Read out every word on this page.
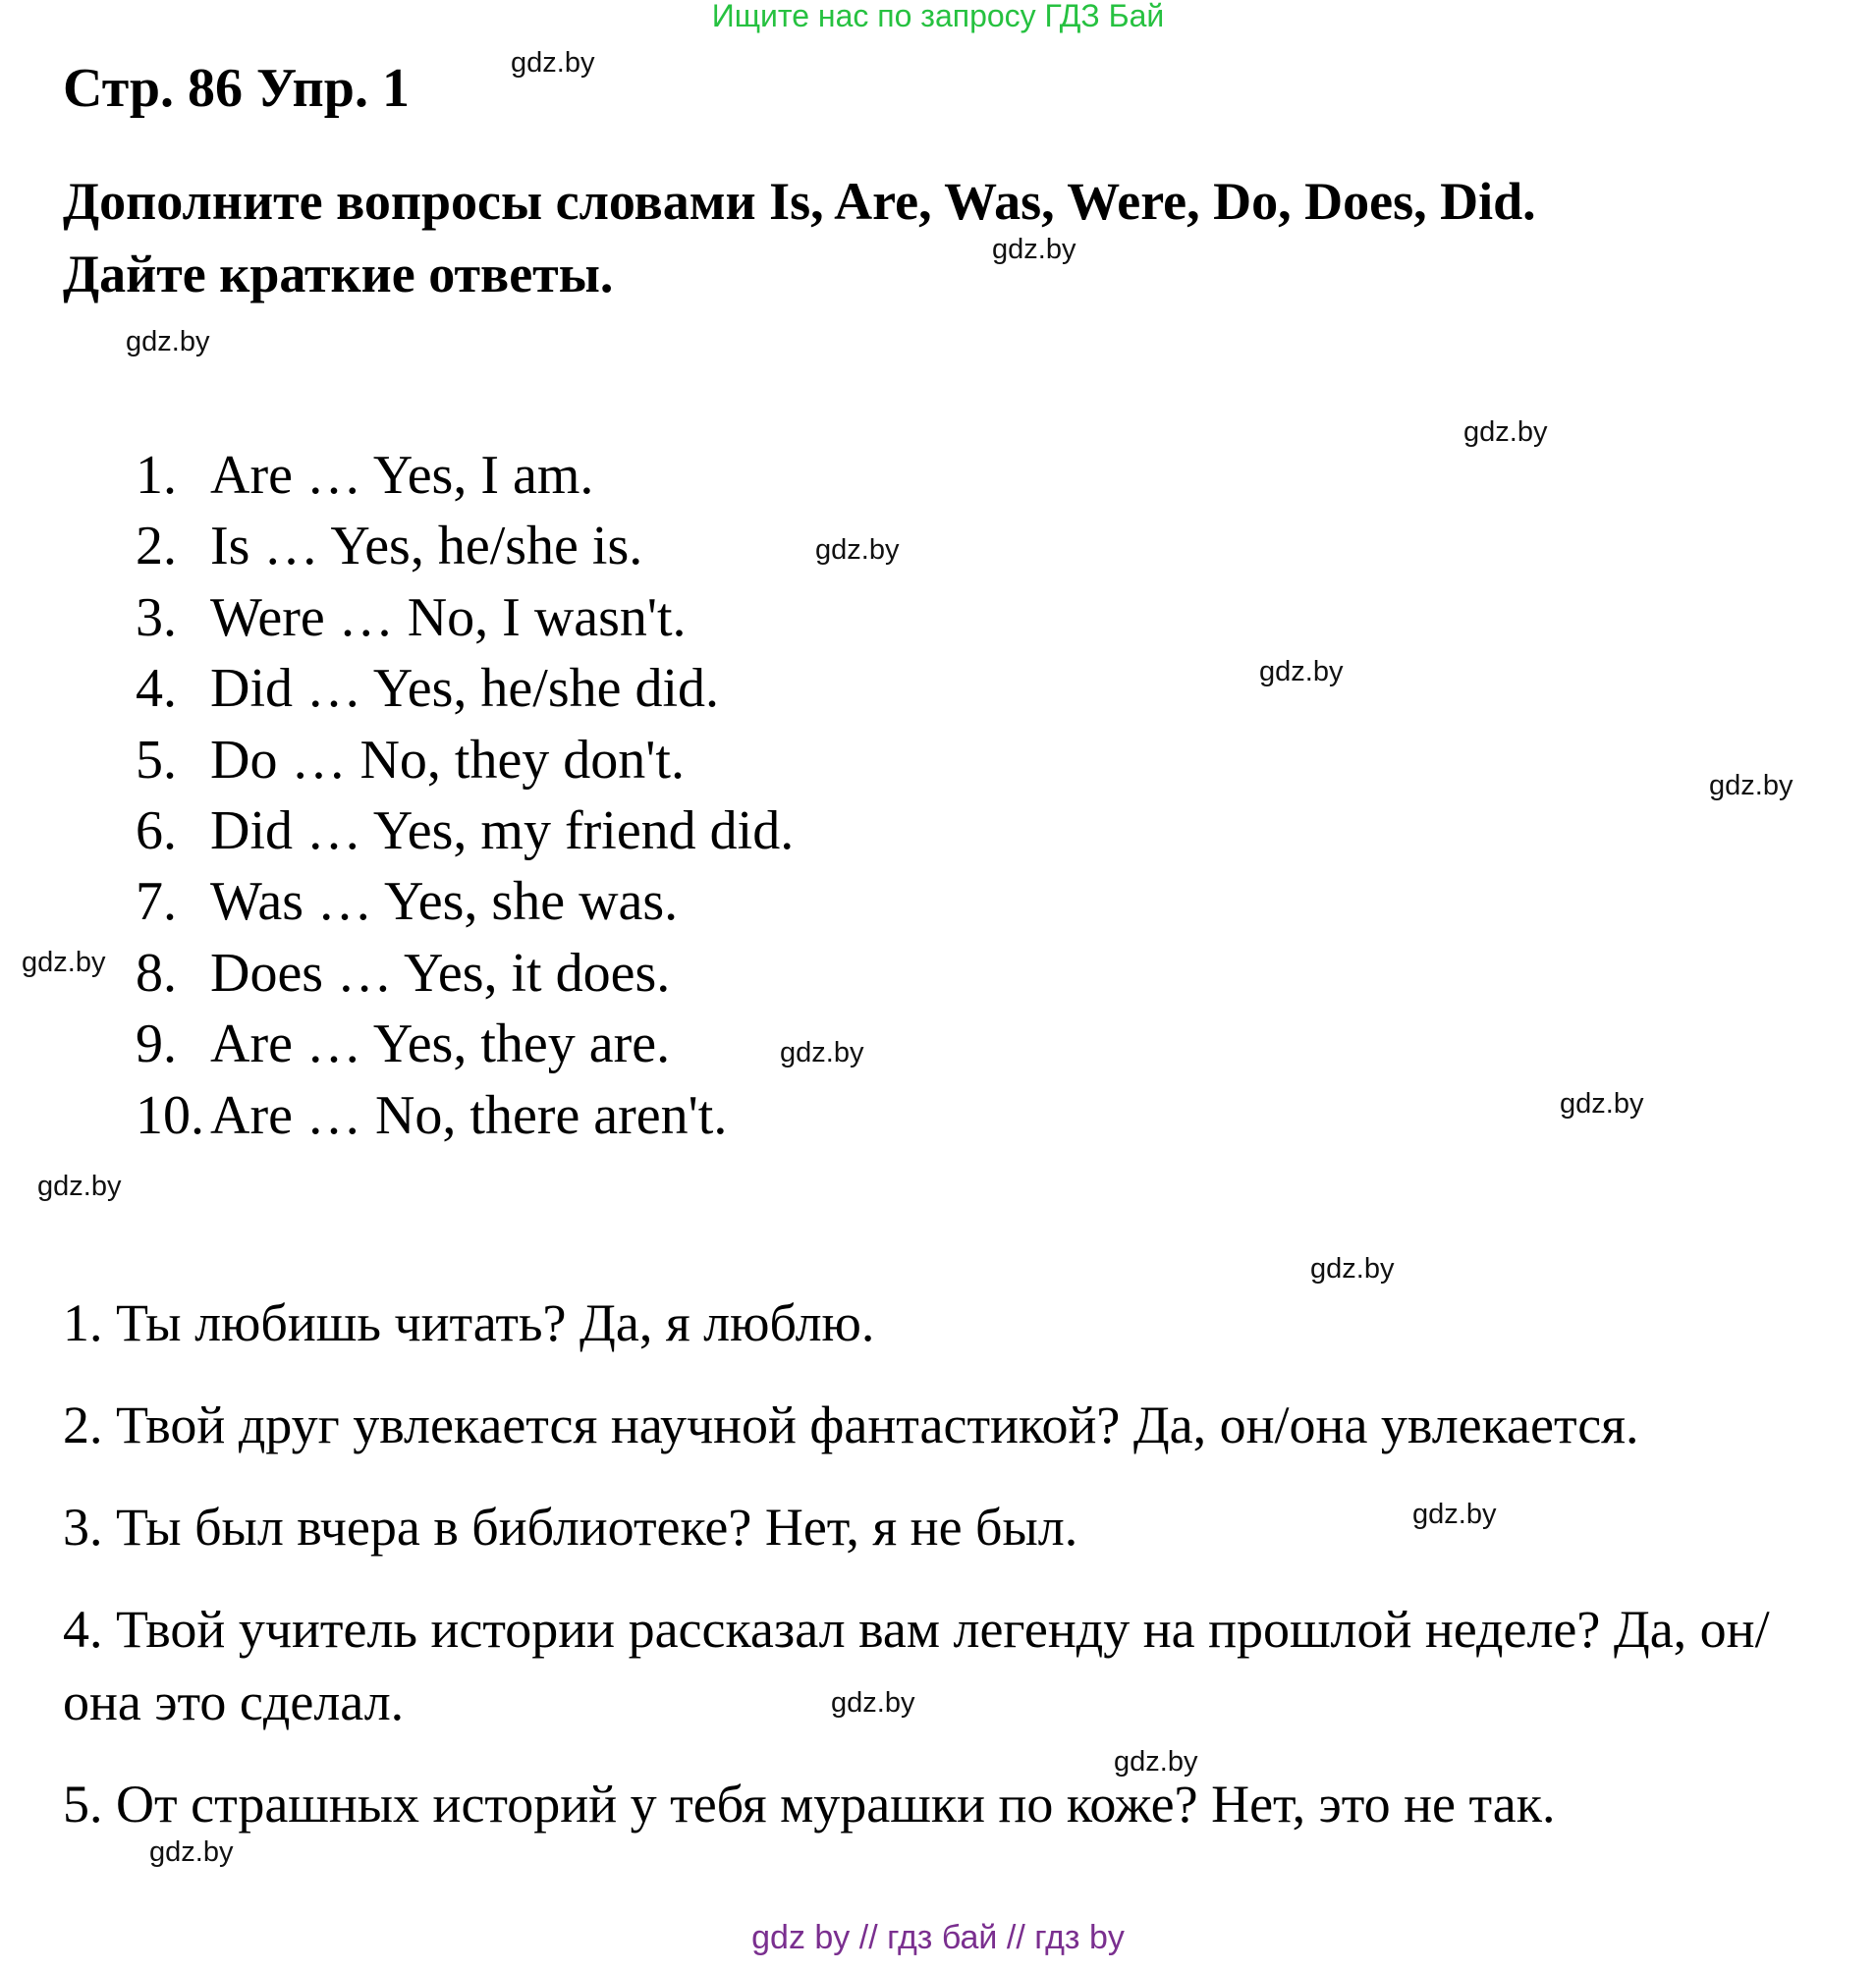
Ищите нас по запросу ГДЗ Бай
Стр. 86 Упр. 1
Дополните вопросы словами Is, Are, Was, Were, Do, Does, Did.
Дайте краткие ответы.
1. Are … Yes, I am.
2. Is … Yes, he/she is.
3. Were … No, I wasn't.
4. Did … Yes, he/she did.
5. Do … No, they don't.
6. Did … Yes, my friend did.
7. Was … Yes, she was.
8. Does … Yes, it does.
9. Are … Yes, they are.
10. Are … No, there aren't.
1. Ты любишь читать? Да, я люблю.
2. Твой друг увлекается научной фантастикой? Да, он/она увлекается.
3. Ты был вчера в библиотеке? Нет, я не был.
4. Твой учитель истории рассказал вам легенду на прошлой неделе? Да, он/она это сделал.
5. От страшных историй у тебя мурашки по коже? Нет, это не так.
gdz.by
gdz.by
gdz.by
gdz.by
gdz.by
gdz.by
gdz.by
gdz.by
gdz.by
gdz.by
gdz.by
gdz.by
gdz.by
gdz.by
gdz.by
gdz.by
gdz by // гдз бай // гдз by
